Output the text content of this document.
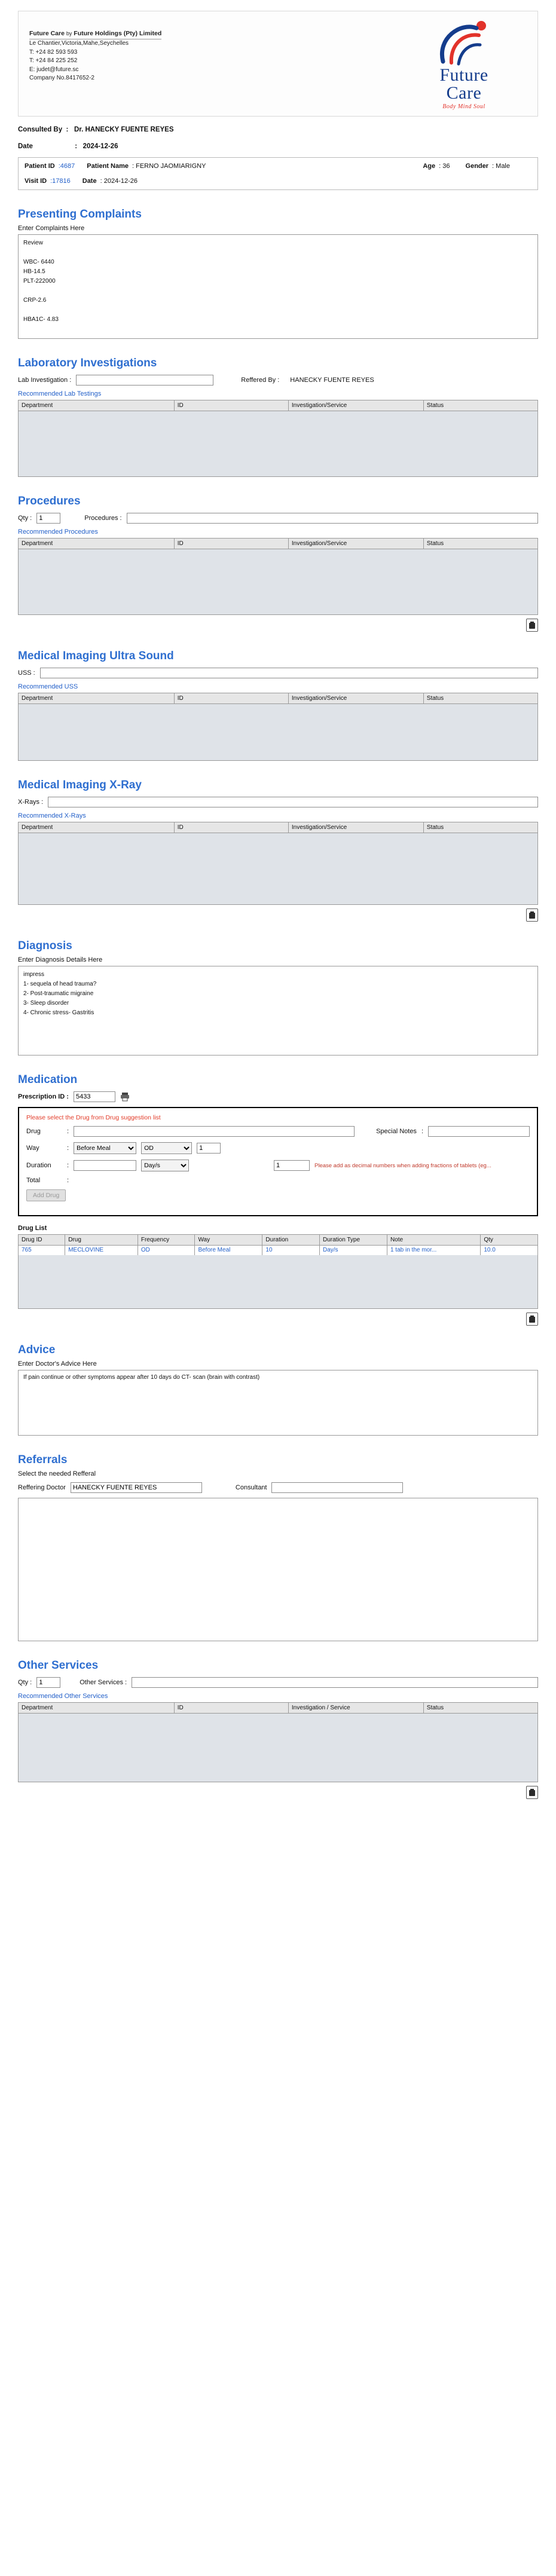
Future Care by Future Holdings (Pty) Limited
Le Chantier,Victoria,Mahe,Seychelles
T: +24 82 593 593
T: +24 84 225 252
E: judet@future.sc
Company No.8417652-2	Future
Care
Body Mind Soul
Consulted By  :   Dr. HANECKY FUENTE REYES
Date	:   2024-12-26
Patient ID :4687 Patient Name : FERNO JAOMIARIGNY	Age : 36 Gender : Male
Visit ID :17816 Date : 2024-12-26
Presenting Complaints
Enter Complaints Here
Review

WBC- 6440
HB-14.5
PLT-222000

CRP-2.6

HBA1C- 4.83
Laboratory Investigations
Lab Investigation :	Reffered By : HANECKY FUENTE REYES
Recommended Lab Testings
Department	ID	Investigation/Service	Status
Procedures
Qty :
1	Procedures :
Recommended Procedures
Department	ID	Investigation/Service	Status
Medical Imaging Ultra Sound
USS :
Recommended USS
Department	ID	Investigation/Service	Status
Medical Imaging X-Ray
X-Rays :
Recommended X-Rays
Department	ID	Investigation/Service	Status
Diagnosis
Enter Diagnosis Details Here
impress
1- sequela of head trauma?
2- Post-traumatic migraine
3- Sleep disorder
4- Chronic stress- Gastritis
Medication
Prescription ID :
5433
Please select the Drug from Drug suggestion list
Drug	:	Special Notes :
Way	:
Before Meal
OD
1
Duration	:
Day/s
1	Please add as decimal numbers when adding fractions of tablets (eg...
Total	:
Add Drug
Drug List
Drug ID	Drug	Frequency	Way	Duration	Duration Type	Note	Qty
765	MECLOVINE	OD	Before Meal	10	Day/s	1 tab in the mor...	10.0
Advice
Enter Doctor's Advice Here
If pain continue or other symptoms appear after 10 days do CT- scan (brain with contrast)
Referrals
Select the needed Refferal
Reffering Doctor
HANECKY FUENTE REYES	Consultant
Other Services
Qty :
1	Other Services :
Recommended Other Services
Department	ID	Investigation / Service	Status
